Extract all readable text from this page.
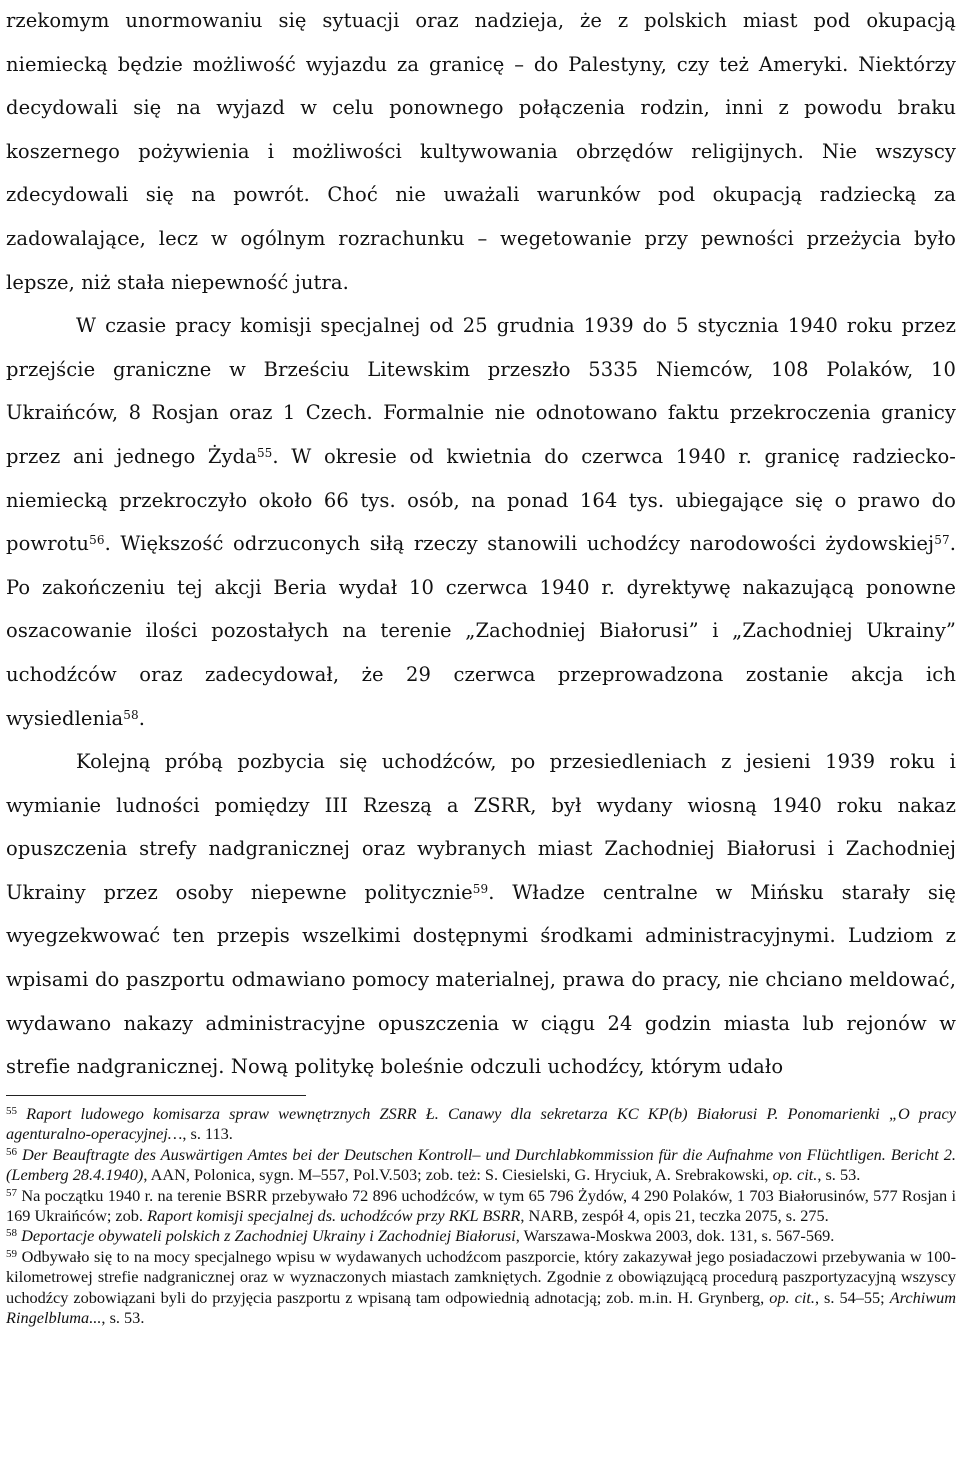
rzekomym unormowaniu się sytuacji oraz nadzieja, że z polskich miast pod okupacją niemiecką będzie możliwość wyjazdu za granicę – do Palestyny, czy też Ameryki. Niektórzy decydowali się na wyjazd w celu ponownego połączenia rodzin, inni z powodu braku koszernego pożywienia i możliwości kultywowania obrzędów religijnych. Nie wszyscy zdecydowali się na powrót. Choć nie uważali warunków pod okupacją radziecką za zadowalające, lecz w ogólnym rozrachunku – wegetowanie przy pewności przeżycia było lepsze, niż stała niepewność jutra.

W czasie pracy komisji specjalnej od 25 grudnia 1939 do 5 stycznia 1940 roku przez przejście graniczne w Brześciu Litewskim przeszło 5335 Niemców, 108 Polaków, 10 Ukraińców, 8 Rosjan oraz 1 Czech. Formalnie nie odnotowano faktu przekroczenia granicy przez ani jednego Żyda$^{55}$. W okresie od kwietnia do czerwca 1940 r. granicę radziecko-niemiecką przekroczyło około 66 tys. osób, na ponad 164 tys. ubiegające się o prawo do powrotu$^{56}$. Większość odrzuconych siłą rzeczy stanowili uchodźcy narodowości żydowskiej$^{57}$. Po zakończeniu tej akcji Beria wydał 10 czerwca 1940 r. dyrektywę nakazującą ponowne oszacowanie ilości pozostałych na terenie „Zachodniej Białorusi” i „Zachodniej Ukrainy” uchodźców oraz zadecydował, że 29 czerwca przeprowadzona zostanie akcja ich wysiedlenia$^{58}$.

Kolejną próbą pozbycia się uchodźców, po przesiedleniach z jesieni 1939 roku i wymianie ludności pomiędzy III Rzeszą a ZSRR, był wydany wiosną 1940 roku nakaz opuszczenia strefy nadgranicznej oraz wybranych miast Zachodniej Białorusi i Zachodniej Ukrainy przez osoby niepewne politycznie$^{59}$. Władze centralne w Mińsku starały się wyegzekwować ten przepis wszelkimi dostępnymi środkami administracyjnymi. Ludziom z wpisami do paszportu odmawiano pomocy materialnej, prawa do pracy, nie chciano meldować, wydawano nakazy administracyjne opuszczenia w ciągu 24 godzin miasta lub rejonów w strefie nadgranicznej. Nową politykę boleśnie odczuli uchodźcy, którym udało

$^{55}$ Raport ludowego komisarza spraw wewnętrznych ZSRR Ł. Canawy dla sekretarza KC KP(b) Białorusi P. Ponomarienki „O pracy agenturalno-operacyjnej…, s. 113.

$^{56}$ Der Beauftragte des Auswärtigen Amtes bei der Deutschen Kontroll– und Durchlabkommission für die Aufnahme von Flüchtligen. Bericht 2. (Lemberg 28.4.1940), AAN, Polonica, sygn. M–557, Pol.V.503; zob. też: S. Ciesielski, G. Hryciuk, A. Srebrakowski, op. cit., s. 53.

$^{57}$ Na początku 1940 r. na terenie BSRR przebywało 72 896 uchodźców, w tym 65 796 Żydów, 4 290 Polaków, 1 703 Białorusinów, 577 Rosjan i 169 Ukraińców; zob. Raport komisji specjalnej ds. uchodźców przy RKL BSRR, NARB, zespół 4, opis 21, teczka 2075, s. 275.

$^{58}$ Deportacje obywateli polskich z Zachodniej Ukrainy i Zachodniej Białorusi, Warszawa-Moskwa 2003, dok. 131, s. 567-569.

$^{59}$ Odbywało się to na mocy specjalnego wpisu w wydawanych uchodźcom paszporcie, który zakazywał jego posiadaczowi przebywania w 100-kilometrowej strefie nadgranicznej oraz w wyznaczonych miastach zamkniętych. Zgodnie z obowiązującą procedurą paszportyzacyjną wszyscy uchodźcy zobowiązani byli do przyjęcia paszportu z wpisaną tam odpowiednią adnotacją; zob. m.in. H. Grynberg, op. cit., s. 54–55; Archiwum Ringelbluma..., s. 53.
